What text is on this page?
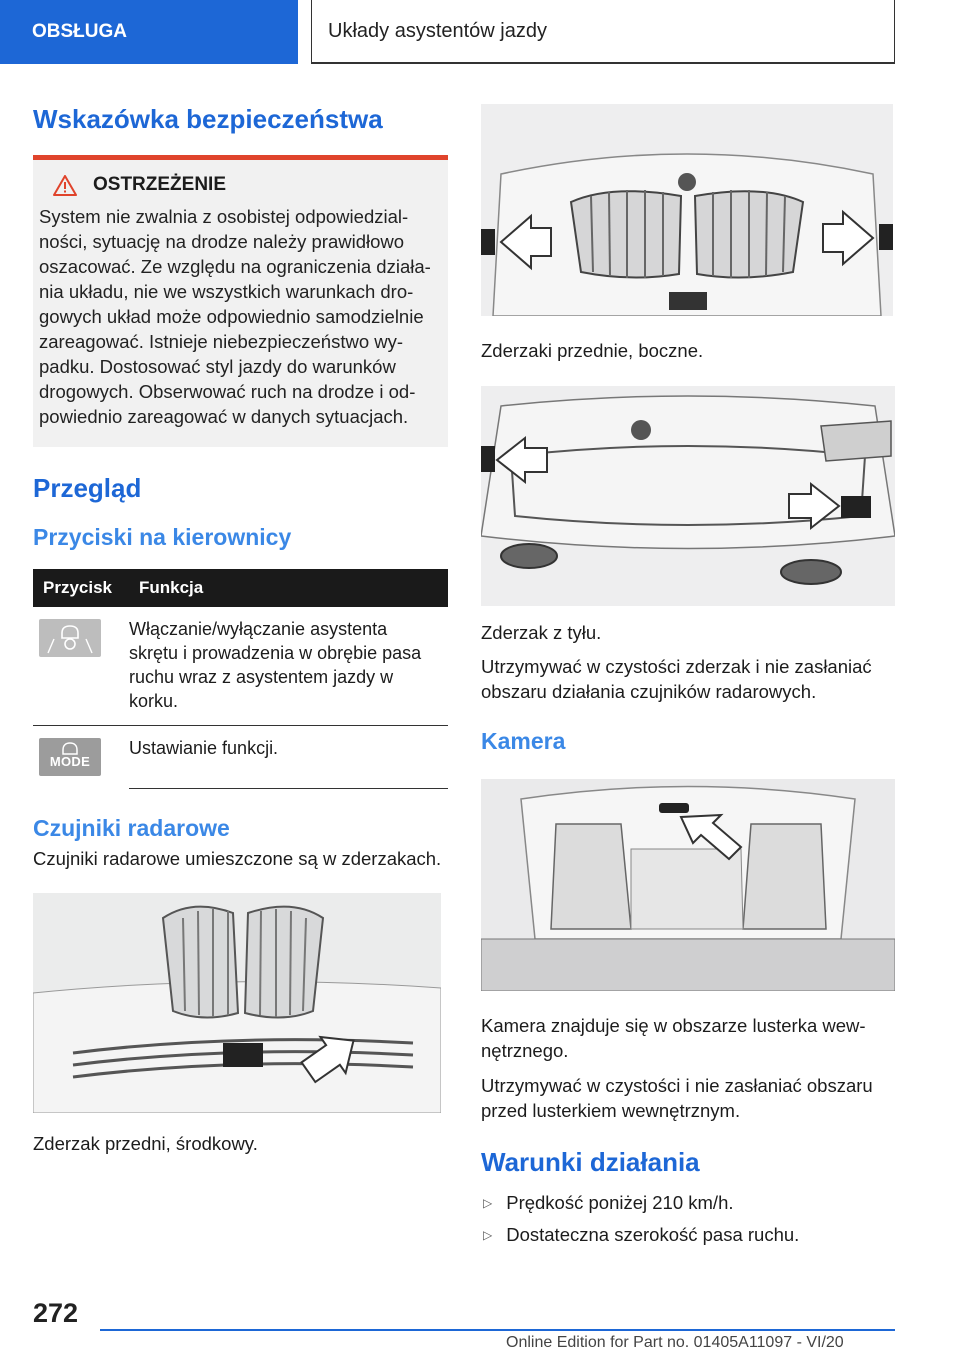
OBSŁUGA	Układy asystentów jazdy
Wskazówka bezpieczeństwa
OSTRZEŻENIE
System nie zwalnia z osobistej odpowiedzial-
ności, sytuację na drodze należy prawidłowo
oszacować. Ze względu na ograniczenia działa-
nia układu, nie we wszystkich warunkach dro-
gowych układ może odpowiednio samodzielnie
zareagować. Istnieje niebezpieczeństwo wy-
padku. Dostosować styl jazdy do warunków
drogowych. Obserwować ruch na drodze i od-
powiednio zareagować w danych sytuacjach.
Przegląd
Przyciski na kierownicy
Przycisk	Funkcja

	Włączanie/wyłączanie asystenta skrętu i prowadzenia w obrębie pasa ruchu wraz z asystentem jazdy w korku.

MODE	Ustawianie funkcji.
Czujniki radarowe

Czujniki radarowe umieszczone są w zderzakach.

Zderzak przedni, środkowy.

Zderzaki przednie, boczne.

Zderzak z tyłu.

Utrzymywać w czystości zderzak i nie zasłaniać obszaru działania czujników radarowych.

Kamera

Kamera znajduje się w obszarze lusterka wew-
nętrznego.

Utrzymywać w czystości i nie zasłaniać obszaru przed lusterkiem wewnętrznym.

Warunki działania
▷ Prędkość poniżej 210 km/h.
▷ Dostateczna szerokość pasa ruchu.
272
Online Edition for Part no. 01405A11097 - VI/20
